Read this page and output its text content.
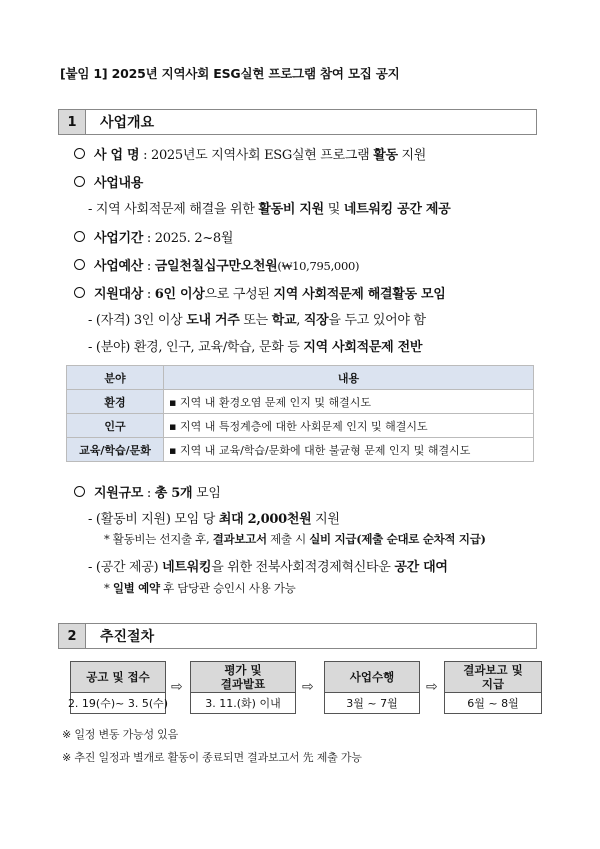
[붙임 1] 2025년 지역사회 ESG실현 프로그램 참여 모집 공지
1	사업개요
사 업 명 : 2025년도 지역사회 ESG실현 프로그램 활동 지원
사업내용
- 지역 사회적문제 해결을 위한 활동비 지원 및 네트워킹 공간 제공
사업기간 : 2025. 2~8월
사업예산 : 금일천칠십구만오천원(₩10,795,000)
지원대상 : 6인 이상으로 구성된 지역 사회적문제 해결활동 모임
- (자격) 3인 이상 도내 거주 또는 학교, 직장을 두고 있어야 함
- (분야) 환경, 인구, 교육/학습, 문화 등 지역 사회적문제 전반
분야	내용
환경	▪ 지역 내 환경오염 문제 인지 및 해결시도
인구	▪ 지역 내 특정계층에 대한 사회문제 인지 및 해결시도
교육/학습/문화	▪ 지역 내 교육/학습/문화에 대한 불균형 문제 인지 및 해결시도
지원규모 : 총 5개 모임
- (활동비 지원) 모임 당 최대 2,000천원 지원
* 활동비는 선지출 후, 결과보고서 제출 시 실비 지급(제출 순대로 순차적 지급)
- (공간 제공) 네트워킹을 위한 전북사회적경제혁신타운 공간 대여
* 일별 예약 후 담당관 승인시 사용 가능
2	추진절차
공고 및 접수
2. 19(수)~ 3. 5(수)
⇨
평가 및
결과발표
3. 11.(화) 이내
⇨
사업수행
3월 ~ 7월
⇨
결과보고 및
지급
6월 ~ 8월
※ 일정 변동 가능성 있음
※ 추진 일정과 별개로 활동이 종료되면 결과보고서 先 제출 가능
